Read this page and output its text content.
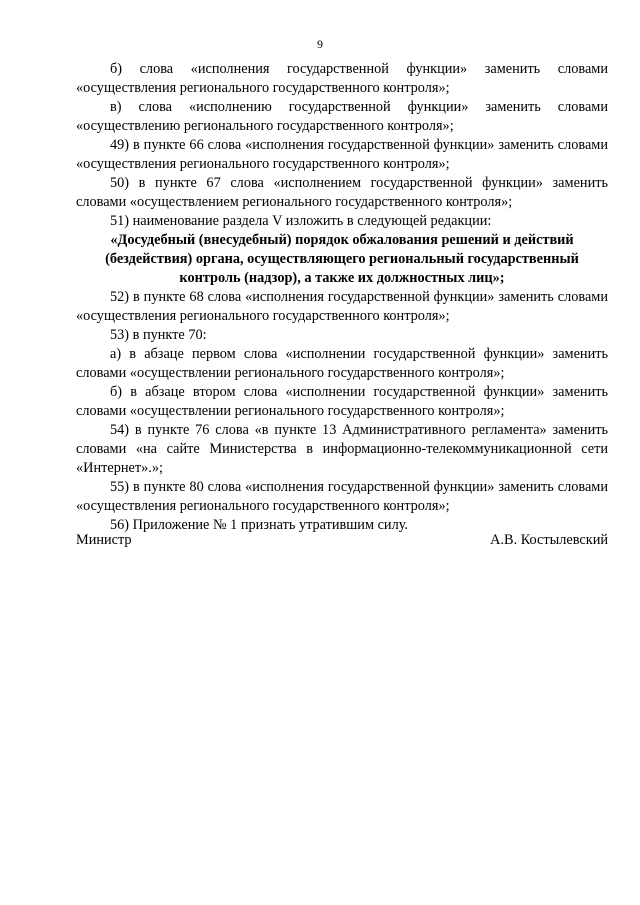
9

б) слова «исполнения государственной функции» заменить словами «осуществления регионального государственного контроля»;

в) слова «исполнению государственной функции» заменить словами «осуществлению регионального государственного контроля»;

49) в пункте 66 слова «исполнения государственной функции» заменить словами «осуществления регионального государственного контроля»;

50) в пункте 67 слова «исполнением государственной функции» заменить словами «осуществлением регионального государственного контроля»;

51) наименование раздела V изложить в следующей редакции:

«Досудебный (внесудебный) порядок обжалования решений и действий (бездействия) органа, осуществляющего региональный государственный контроль (надзор), а также их должностных лиц»;

52) в пункте 68 слова «исполнения государственной функции» заменить словами «осуществления регионального государственного контроля»;

53) в пункте 70:

а) в абзаце первом слова «исполнении государственной функции» заменить словами «осуществлении регионального государственного контроля»;

б) в абзаце втором слова «исполнении государственной функции» заменить словами «осуществлении регионального государственного контроля»;

54) в пункте 76 слова «в пункте 13 Административного регламента» заменить словами «на сайте Министерства в информационно-телекоммуникационной сети «Интернет».»;

55) в пункте 80 слова «исполнения государственной функции» заменить словами «осуществления регионального государственного контроля»;

56) Приложение № 1 признать утратившим силу.

Министр	А.В. Костылевский
